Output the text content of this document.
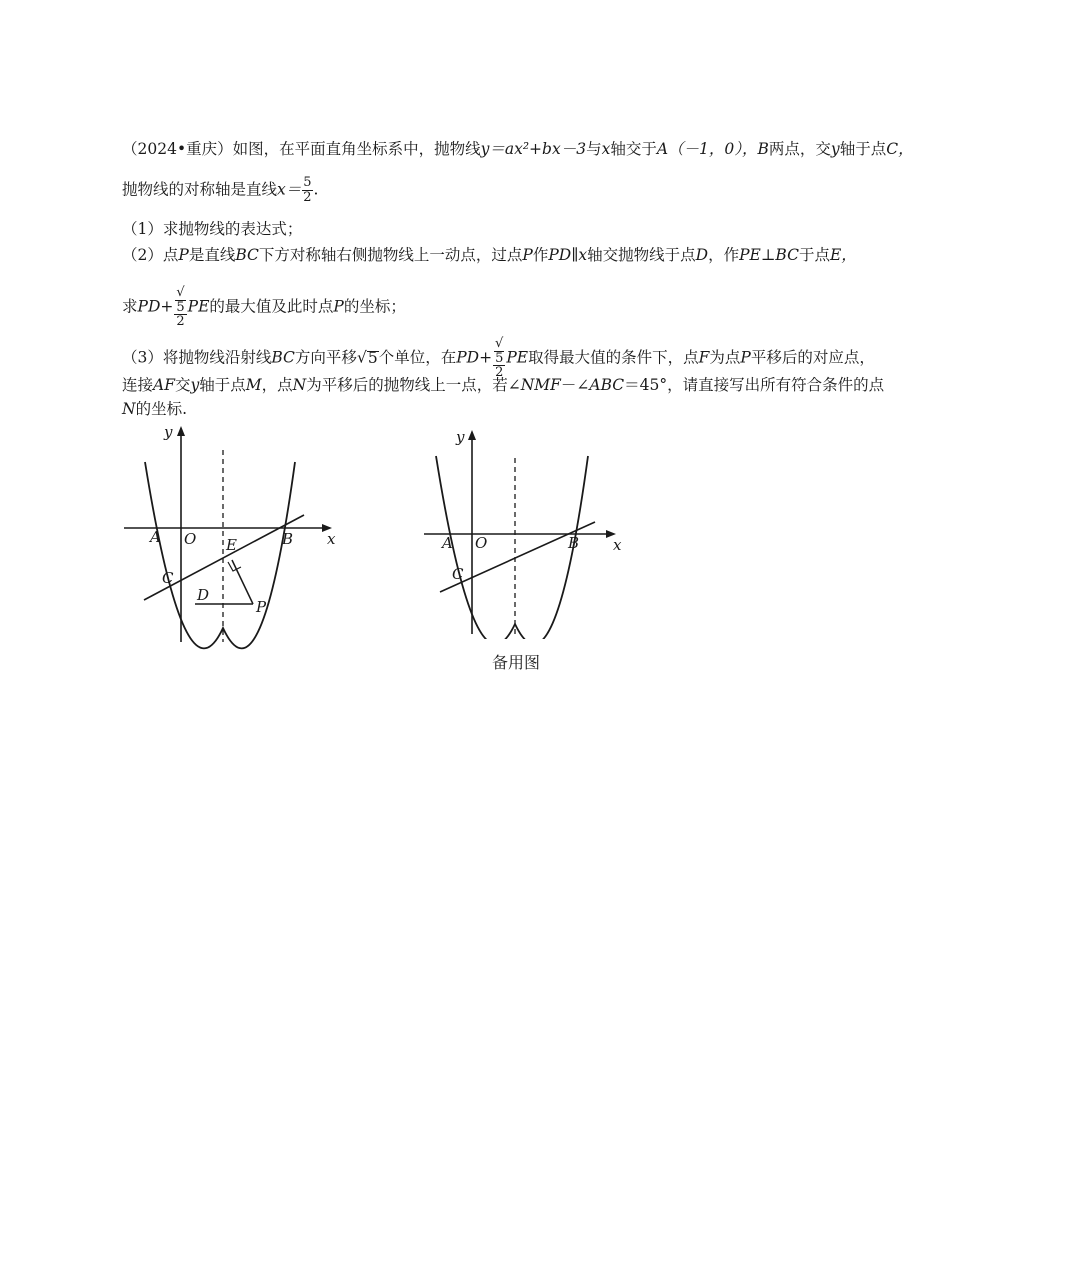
（2024•重庆）如图，在平面直角坐标系中，抛物线y＝ax²+bx－3与x轴交于A（－1，0），B两点，交y轴于点C，
抛物线的对称轴是直线$x= \frac{5}{2}$ .
（1）求抛物线的表达式；
（2）点P是直线BC下方对称轴右侧抛物线上一动点，过点P作PD∥x轴交抛物线于点D，作PE⊥BC于点E，
求PD+ √
5
2 PE的最大值及此时点P的坐标；
（3）将抛物线沿射线BC方向平移√5个单位，在PD+ √
5
2 PE取得最大值的条件下，点F为点P平移后的对应点，
连接AF交y轴于点M，点N为平移后的抛物线上一点，若∠NMF－∠ABC＝45°，请直接写出所有符合条件的点
N的坐标.
y
x
A O E	B
C
D
P
y
x
A O	B
C
备用图
